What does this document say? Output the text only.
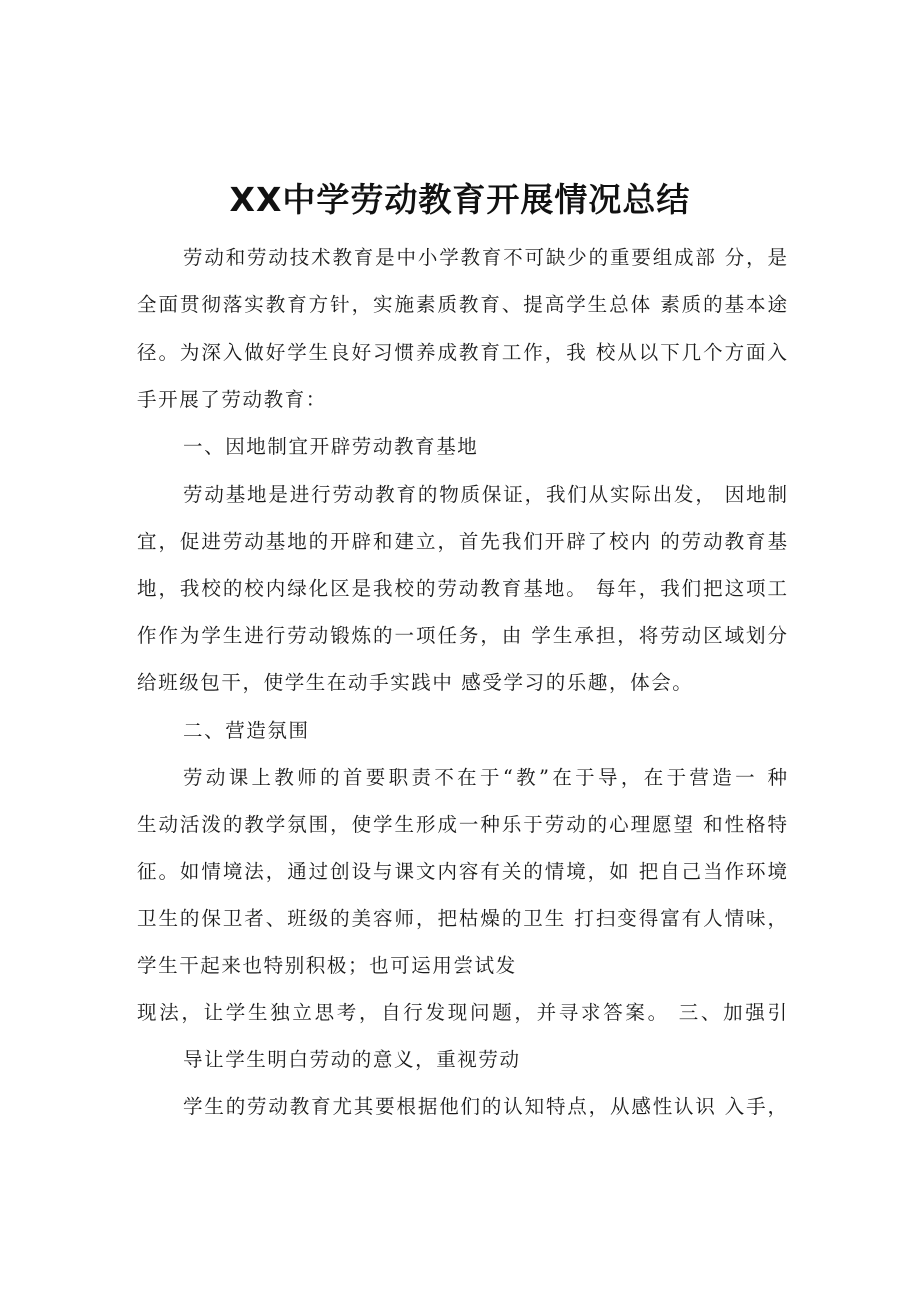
XX中学劳动教育开展情况总结
劳动和劳动技术教育是中小学教育不可缺少的重要组成部 分，是
全面贯彻落实教育方针，实施素质教育、提高学生总体 素质的基本途
径。为深入做好学生良好习惯养成教育工作，我 校从以下几个方面入
手开展了劳动教育：
一、因地制宜开辟劳动教育基地
劳动基地是进行劳动教育的物质保证，我们从实际出发， 因地制
宜，促进劳动基地的开辟和建立，首先我们开辟了校内 的劳动教育基
地，我校的校内绿化区是我校的劳动教育基地。 每年，我们把这项工
作作为学生进行劳动锻炼的一项任务，由 学生承担，将劳动区域划分
给班级包干，使学生在动手实践中 感受学习的乐趣，体会。
二、营造氛围
劳动课上教师的首要职责不在于“教”在于导，在于营造一 种
生动活泼的教学氛围，使学生形成一种乐于劳动的心理愿望 和性格特
征。如情境法，通过创设与课文内容有关的情境，如 把自己当作环境
卫生的保卫者、班级的美容师，把枯燥的卫生 打扫变得富有人情味，
学生干起来也特别积极；也可运用尝试发
现法，让学生独立思考，自行发现问题，并寻求答案。 三、加强引
导让学生明白劳动的意义，重视劳动
学生的劳动教育尤其要根据他们的认知特点，从感性认识 入手，
